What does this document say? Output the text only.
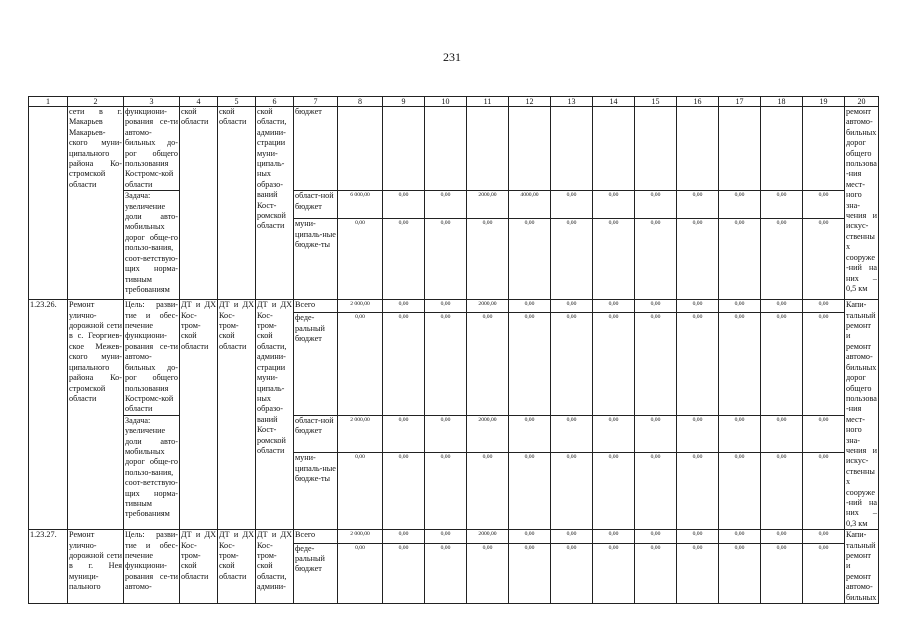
231
1	2	3	4	5	6	7	8	9	10	11	12	13	14	15	16	17	18	19	20
	сети в г. Макарьев Макарьев-ского муни-ципального района Ко-стромской области	функциони-рования се-ти автомо-бильных до-рог общего пользования Костромс-кой области	ской области	ской области	ской области, админи-страции муни-ципаль-ных образо-ваний Кост-ромской области	бюджет													ремонт автомо-бильных дорог общего пользова-ния мест-ного зна-чения и искус-ственных сооруже-ний на них – 0,5 км
		Задача: увеличение доли авто-мобильных дорог обще-го пользо-вания, соот-ветствую-щих норма-тивным требованиям				област-ной бюджет	6 000,00	0,00	0,00	2000,00	4000,00	0,00	0,00	0,00	0,00	0,00	0,00	0,00	
						муни-ципаль-ные бюдже-ты	0,00	0,00	0,00	0,00	0,00	0,00	0,00	0,00	0,00	0,00	0,00	0,00	
1.23.26.	Ремонт улично-дорожной сети в с. Георгиев-ское Межев-ского муни-ципального района Ко-стромской области	Цель: разви-тие и обес-печение функциони-рования се-ти автомо-бильных до-рог общего пользования Костромс-кой области	ДТ и ДХ Кос-тром-ской области	ДТ и ДХ Кос-тром-ской области	ДТ и ДХ Кос-тром-ской области, админи-страции муни-ципаль-ных образо-ваний Кост-ромской области	Всего	2 000,00	0,00	0,00	2000,00	0,00	0,00	0,00	0,00	0,00	0,00	0,00	0,00	Капи-тальный ремонт и ремонт автомо-бильных дорог общего пользова-ния мест-ного зна-чения и искус-ственных сооруже-ний на них – 0,3 км
						феде-ральный бюджет	0,00	0,00	0,00	0,00	0,00	0,00	0,00	0,00	0,00	0,00	0,00	0,00	
		Задача: увеличение доли авто-мобильных дорог обще-го пользо-вания, соот-ветствую-щих норма-тивным требованиям				област-ной бюджет	2 000,00	0,00	0,00	2000,00	0,00	0,00	0,00	0,00	0,00	0,00	0,00	0,00	
						муни-ципаль-ные бюдже-ты	0,00	0,00	0,00	0,00	0,00	0,00	0,00	0,00	0,00	0,00	0,00	0,00	
1.23.27.	Ремонт улично-дорожной сети в г. Нея муници-пального	Цель: разви-тие и обес-печение функциони-рования се-ти автомо-	ДТ и ДХ Кос-тром-ской области	ДТ и ДХ Кос-тром-ской области	ДТ и ДХ Кос-тром-ской области, админи-	Всего	2 000,00	0,00	0,00	2000,00	0,00	0,00	0,00	0,00	0,00	0,00	0,00	0,00	Капи-тальный ремонт и ремонт автомо-бильных
						феде-ральный бюджет	0,00	0,00	0,00	0,00	0,00	0,00	0,00	0,00	0,00	0,00	0,00	0,00	
